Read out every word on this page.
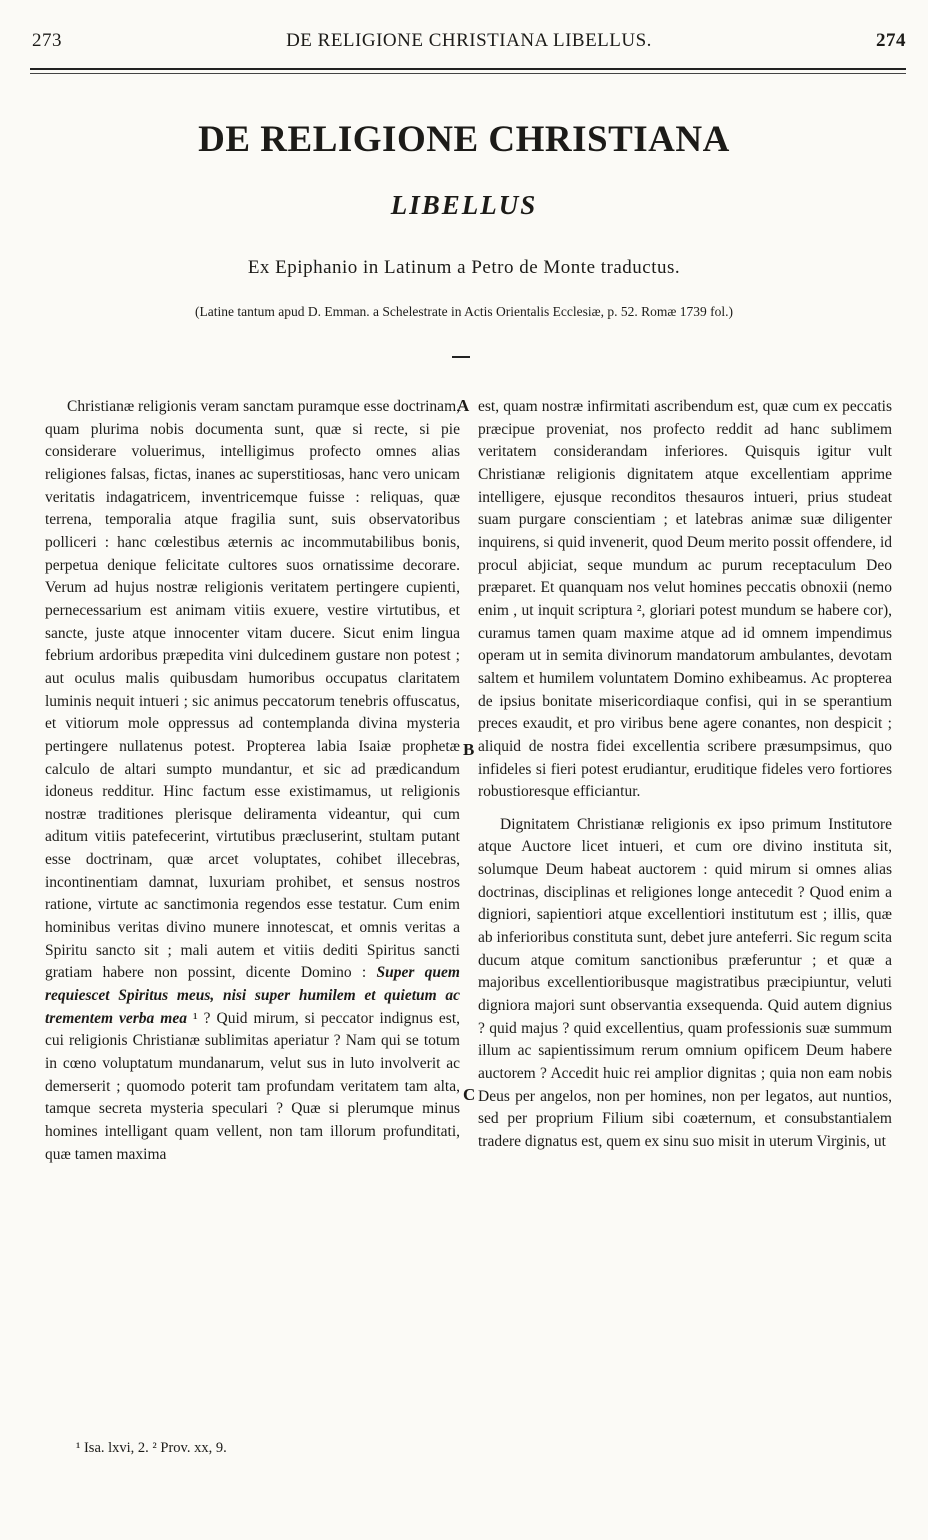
273	DE RELIGIONE CHRISTIANA LIBELLUS.	274
DE RELIGIONE CHRISTIANA
LIBELLUS
Ex Epiphanio in Latinum a Petro de Monte traductus.
(Latine tantum apud D. Emman. a Schelestrate in Actis Orientalis Ecclesiæ, p. 52. Romæ 1739 fol.)

Christianæ religionis veram sanctam puramque esse doctrinam, quam plurima nobis documenta sunt, quæ si recte, si pie considerare voluerimus, intelligimus profecto omnes alias religiones falsas, fictas, inanes ac superstitiosas, hanc vero unicam veritatis indagatricem, inventricemque fuisse : reliquas, quæ terrena, temporalia atque fragilia sunt, suis observatoribus polliceri : hanc cœlestibus æternis ac incommutabilibus bonis, perpetua denique felicitate cultores suos ornatissime decorare. Verum ad hujus nostræ religionis veritatem pertingere cupienti, pernecessarium est animam vitiis exuere, vestire virtutibus, et sancte, juste atque innocenter vitam ducere. Sicut enim lingua febrium ardoribus præpedita vini dulcedinem gustare non potest ; aut oculus malis quibusdam humoribus occupatus claritatem luminis nequit intueri ; sic animus peccatorum tenebris offuscatus, et vitiorum mole oppressus ad contemplanda divina mysteria pertingere nullatenus potest. Propterea labia Isaiæ prophetæ calculo de altari sumpto mundantur, et sic ad prædicandum idoneus redditur. Hinc factum esse existimamus, ut religionis nostræ traditiones plerisque deliramenta videantur, qui cum aditum vitiis patefecerint, virtutibus præcluserint, stultam putant esse doctrinam, quæ arcet voluptates, cohibet illecebras, incontinentiam damnat, luxuriam prohibet, et sensus nostros ratione, virtute ac sanctimonia regendos esse testatur. Cum enim hominibus veritas divino munere innotescat, et omnis veritas a Spiritu sancto sit ; mali autem et vitiis dediti Spiritus sancti gratiam habere non possint, dicente Domino : Super quem requiescet Spiritus meus, nisi super humilem et quietum ac trementem verba mea ¹ ? Quid mirum, si peccator indignus est, cui religionis Christianæ sublimitas aperiatur ? Nam qui se totum in cœno voluptatum mundanarum, velut sus in luto involverit ac demerserit ; quomodo poterit tam profundam veritatem tam alta, tamque secreta mysteria speculari ? Quæ si plerumque minus homines intelligant quam vellent, non tam illorum profunditati, quæ tamen maxima

A
B
C

est, quam nostræ infirmitati ascribendum est, quæ cum ex peccatis præcipue proveniat, nos profecto reddit ad hanc sublimem veritatem considerandam inferiores. Quisquis igitur vult Christianæ religionis dignitatem atque excellentiam apprime intelligere, ejusque reconditos thesauros intueri, prius studeat suam purgare conscientiam ; et latebras animæ suæ diligenter inquirens, si quid invenerit, quod Deum merito possit offendere, id procul abjiciat, seque mundum ac purum receptaculum Deo præparet. Et quanquam nos velut homines peccatis obnoxii (nemo enim , ut inquit scriptura ², gloriari potest mundum se habere cor), curamus tamen quam maxime atque ad id omnem impendimus operam ut in semita divinorum mandatorum ambulantes, devotam saltem et humilem voluntatem Domino exhibeamus. Ac propterea de ipsius bonitate misericordiaque confisi, qui in se sperantium preces exaudit, et pro viribus bene agere conantes, non despicit ; aliquid de nostra fidei excellentia scribere præsumpsimus, quo infideles si fieri potest erudiantur, eruditique fideles vero fortiores robustioresque efficiantur.

Dignitatem Christianæ religionis ex ipso primum Institutore atque Auctore licet intueri, et cum ore divino instituta sit, solumque Deum habeat auctorem : quid mirum si omnes alias doctrinas, disciplinas et religiones longe antecedit ? Quod enim a digniori, sapientiori atque excellentiori institutum est ; illis, quæ ab inferioribus constituta sunt, debet jure anteferri. Sic regum scita ducum atque comitum sanctionibus præferuntur ; et quæ a majoribus excellentioribusque magistratibus præcipiuntur, veluti digniora majori sunt observantia exsequenda. Quid autem dignius ? quid majus ? quid excellentius, quam professionis suæ summum illum ac sapientissimum rerum omnium opificem Deum habere auctorem ? Accedit huic rei amplior dignitas ; quia non eam nobis Deus per angelos, non per homines, non per legatos, aut nuntios, sed per proprium Filium sibi coæternum, et consubstantialem tradere dignatus est, quem ex sinu suo misit in uterum Virginis, ut

¹ Isa. lxvi, 2. ² Prov. xx, 9.
